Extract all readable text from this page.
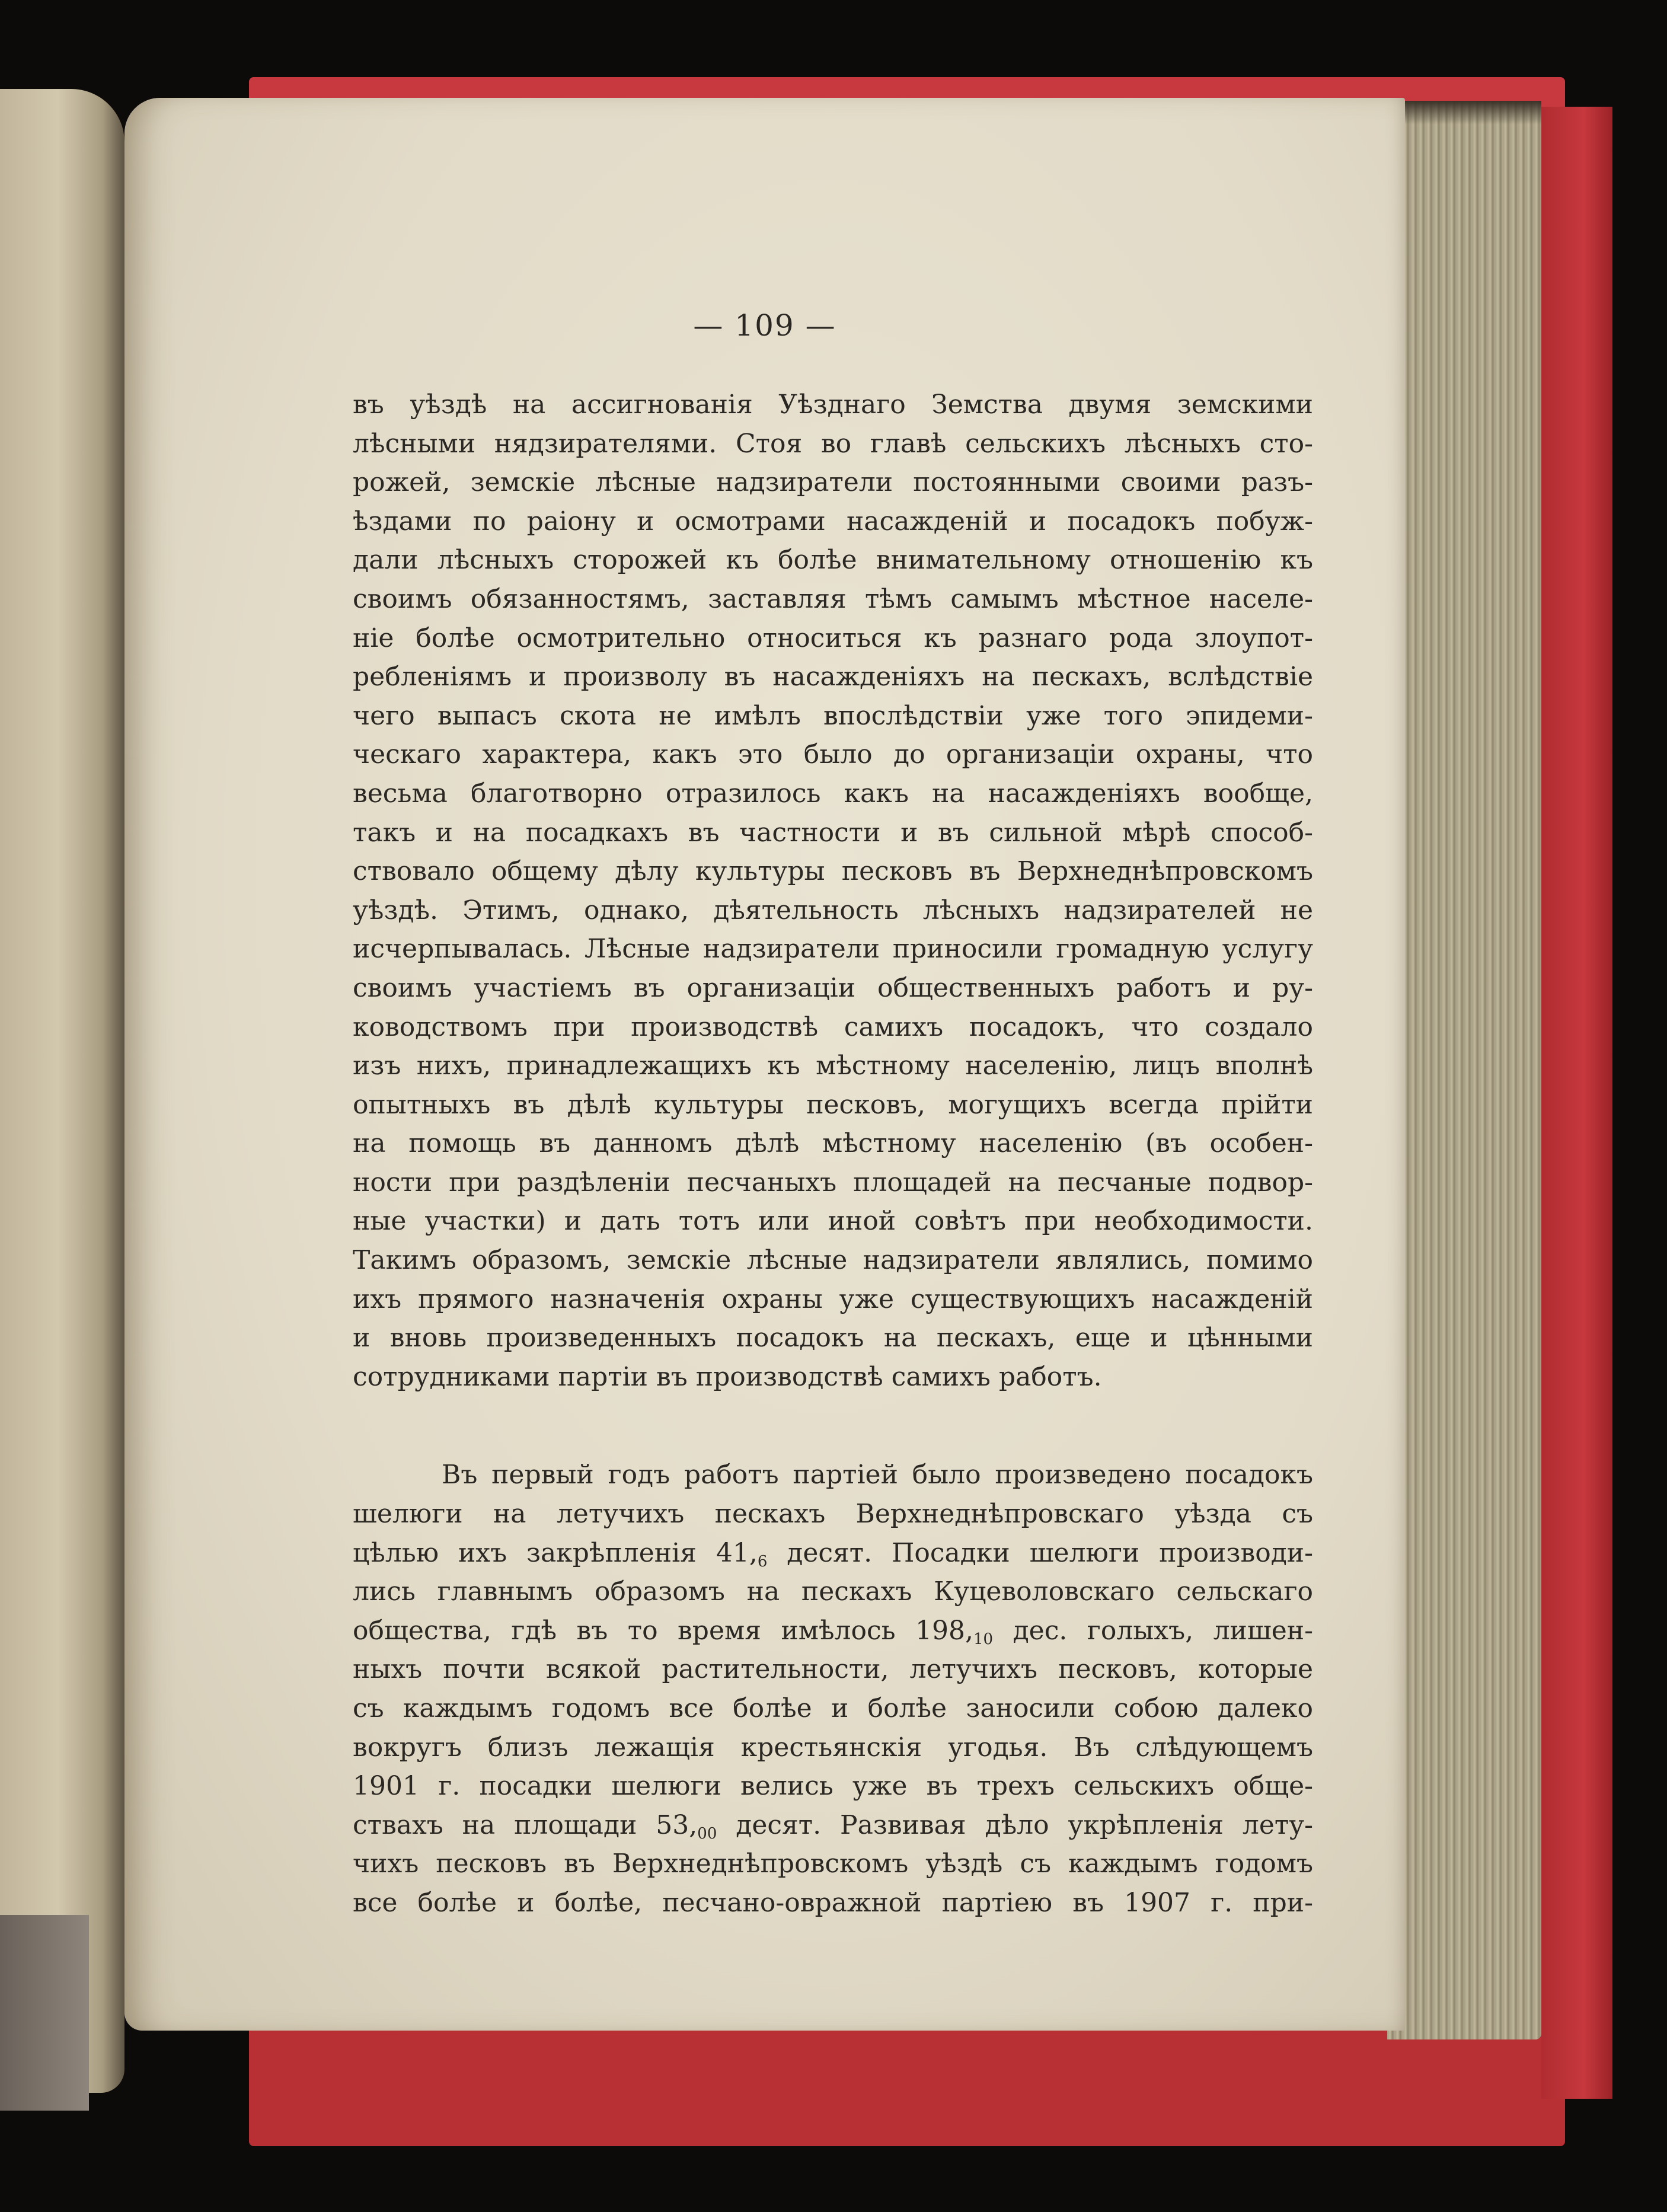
— 109 —
въ уѣздѣ на ассигнованія Уѣзднаго Земства двумя земскими
лѣсными нядзирателями. Стоя во главѣ сельскихъ лѣсныхъ сто-
рожей, земскіе лѣсные надзиратели постоянными своими разъ-
ѣздами по раіону и осмотрами насажденій и посадокъ побуж-
дали лѣсныхъ сторожей къ болѣе внимательному отношенію къ
своимъ обязанностямъ, заставляя тѣмъ самымъ мѣстное населе-
ніе болѣе осмотрительно относиться къ разнаго рода злоупот-
ребленіямъ и произволу въ насажденіяхъ на пескахъ, вслѣдствіе
чего выпасъ скота не имѣлъ впослѣдствіи уже того эпидеми-
ческаго характера, какъ это было до организаціи охраны, что
весьма благотворно отразилось какъ на насажденіяхъ вообще,
такъ и на посадкахъ въ частности и въ сильной мѣрѣ способ-
ствовало общему дѣлу культуры песковъ въ Верхнеднѣпровскомъ
уѣздѣ. Этимъ, однако, дѣятельность лѣсныхъ надзирателей не
исчерпывалась. Лѣсные надзиратели приносили громадную услугу
своимъ участіемъ въ организаціи общественныхъ работъ и ру-
ководствомъ при производствѣ самихъ посадокъ, что создало
изъ нихъ, принадлежащихъ къ мѣстному населенію, лицъ вполнѣ
опытныхъ въ дѣлѣ культуры песковъ, могущихъ всегда прійти
на помощь въ данномъ дѣлѣ мѣстному населенію (въ особен-
ности при раздѣленіи песчаныхъ площадей на песчаные подвор-
ные участки) и дать тотъ или иной совѣтъ при необходимости.
Такимъ образомъ, земскіе лѣсные надзиратели являлись, помимо
ихъ прямого назначенія охраны уже существующихъ насажденій
и вновь произведенныхъ посадокъ на пескахъ, еще и цѣнными
сотрудниками партіи въ производствѣ самихъ работъ.
Въ первый годъ работъ партіей было произведено посадокъ
шелюги на летучихъ пескахъ Верхнеднѣпровскаго уѣзда съ
цѣлью ихъ закрѣпленія $41,_6$ десят. Посадки шелюги производи-
лись главнымъ образомъ на пескахъ Куцеволовскаго сельскаго
общества, гдѣ въ то время имѣлось $198,_{10}$ дес. голыхъ, лишен-
ныхъ почти всякой растительности, летучихъ песковъ, которые
съ каждымъ годомъ все болѣе и болѣе заносили собою далеко
вокругъ близъ лежащія крестьянскія угодья. Въ слѣдующемъ
1901 г. посадки шелюги велись уже въ трехъ сельскихъ обще-
ствахъ на площади $53,_{00}$ десят. Развивая дѣло укрѣпленія лету-
чихъ песковъ въ Верхнеднѣпровскомъ уѣздѣ съ каждымъ годомъ
все болѣе и болѣе, песчано-овражной партіею въ 1907 г. при-
